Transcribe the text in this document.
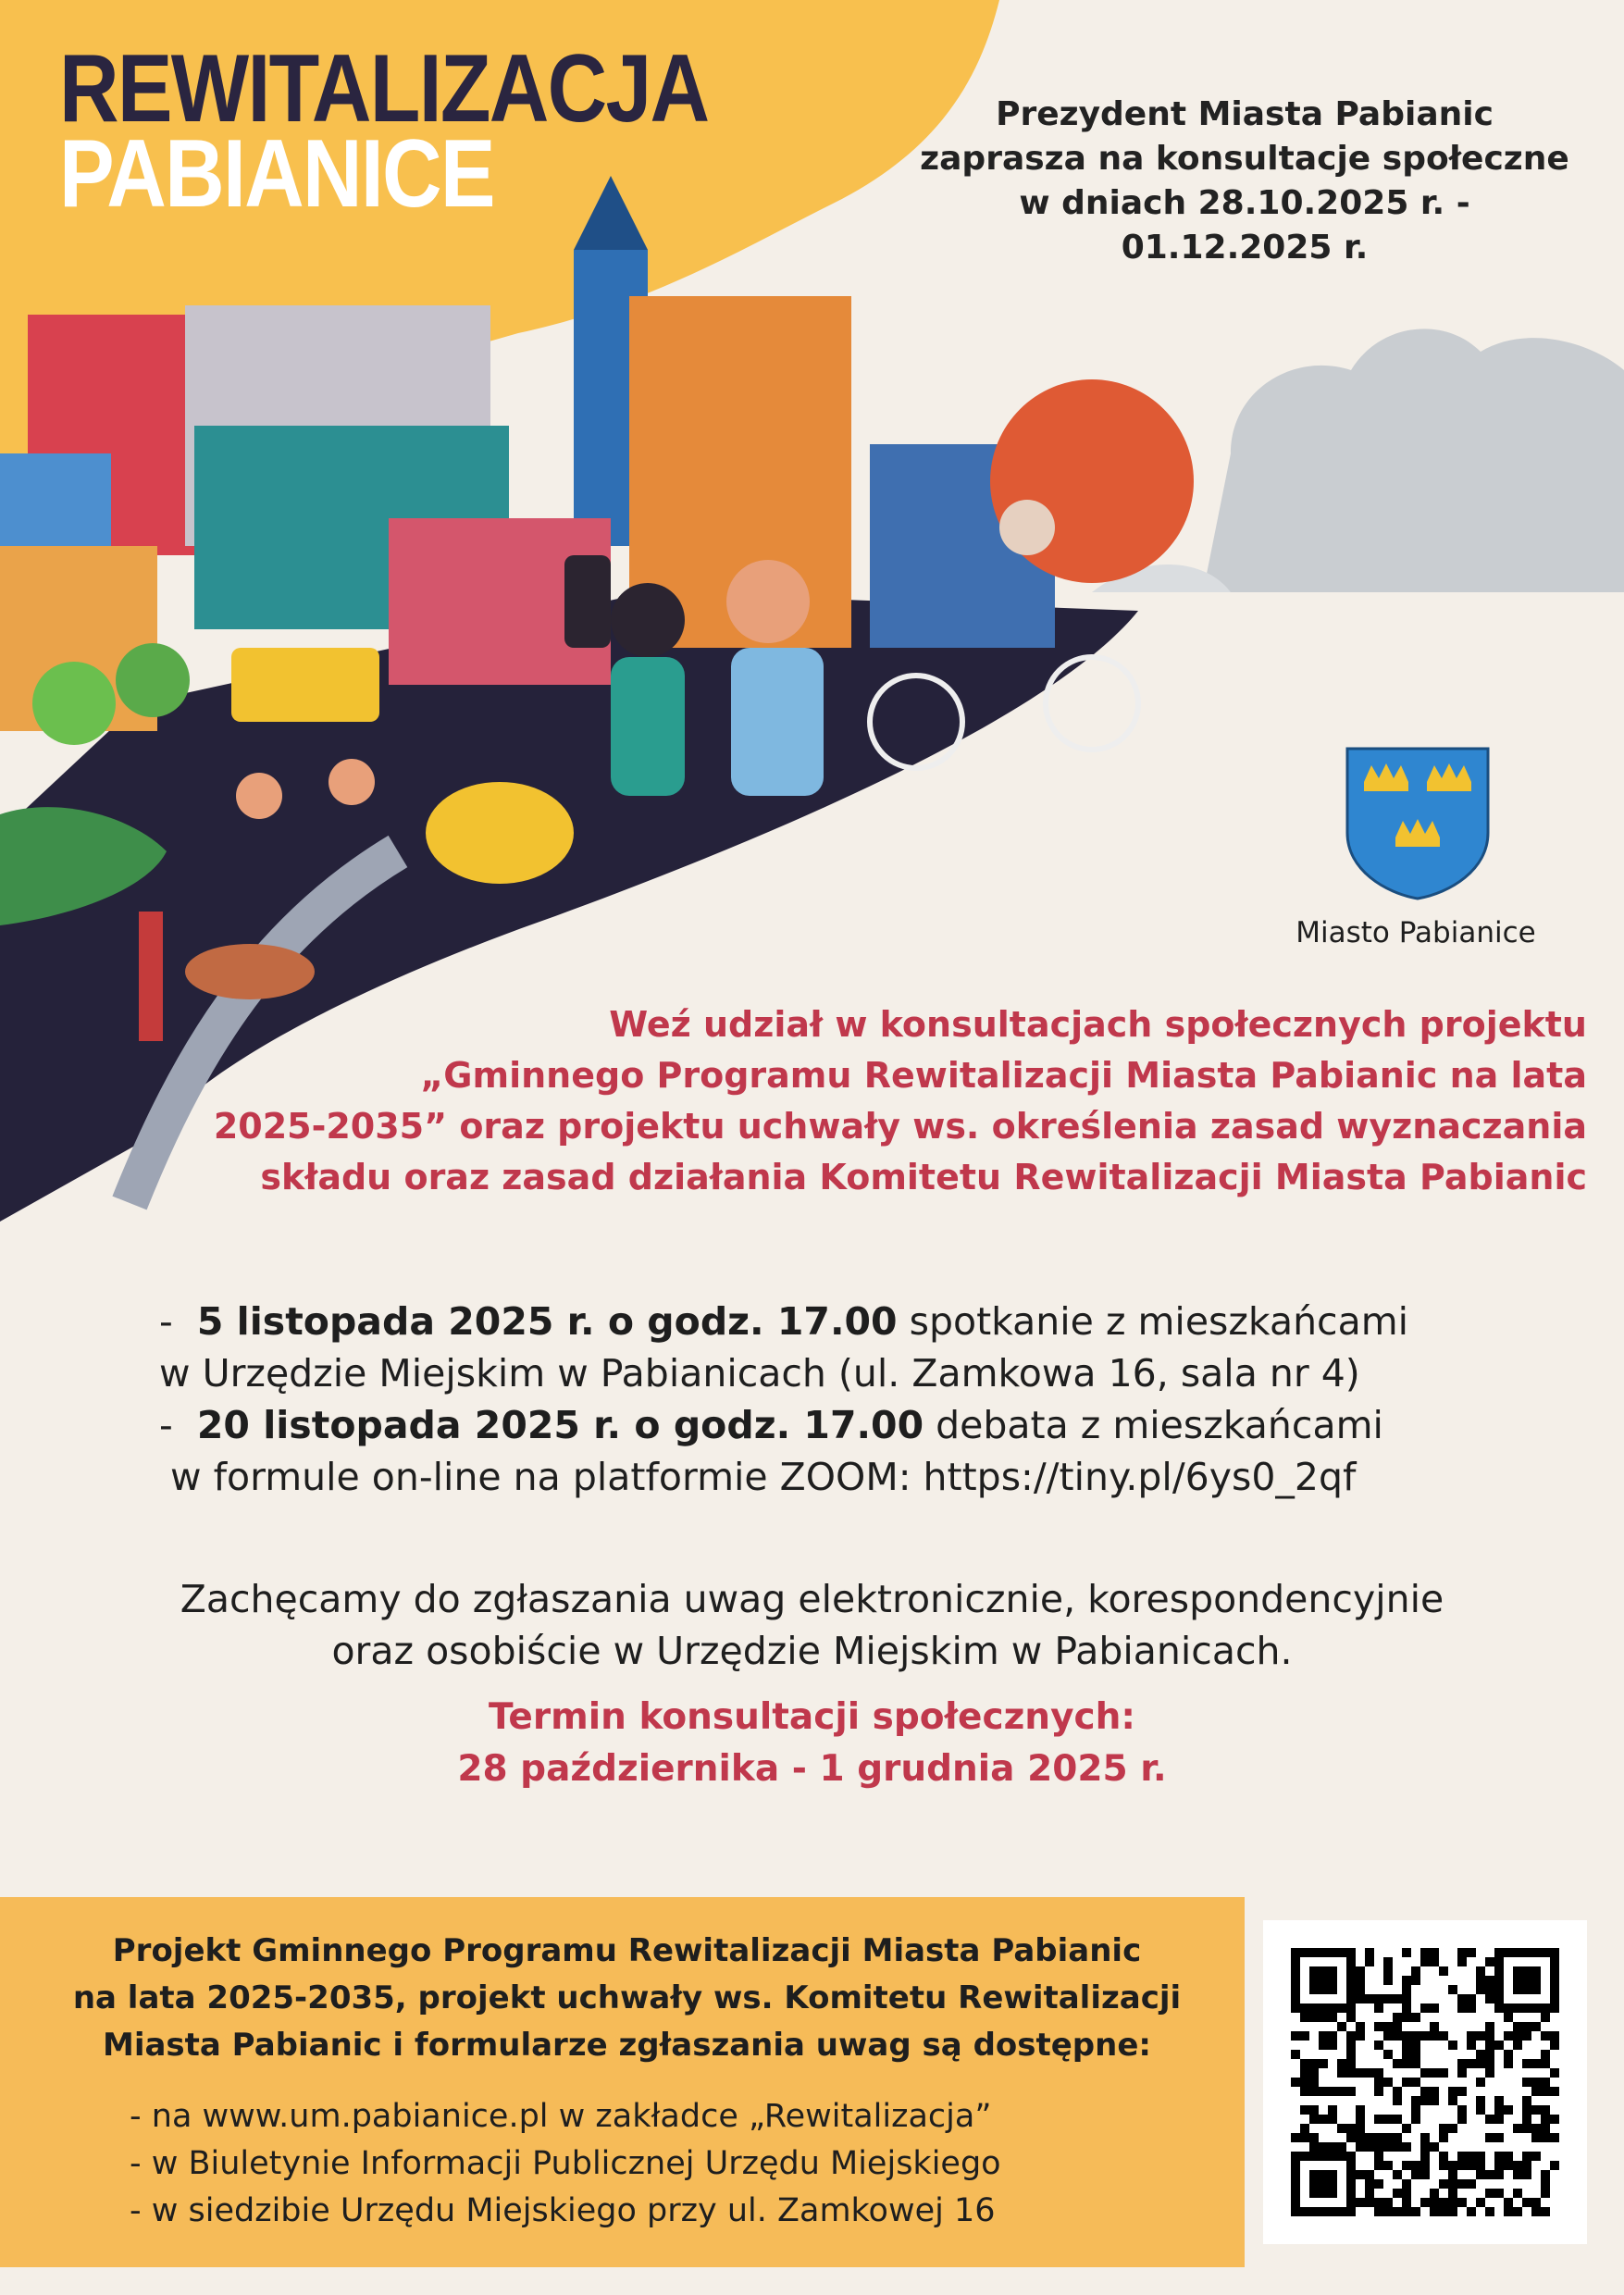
REWITALIZACJA
PABIANICE
Prezydent Miasta Pabianic
zaprasza na konsultacje społeczne
w dniach 28.10.2025 r. - 01.12.2025 r.
Miasto Pabianice
Weź udział w konsultacjach społecznych projektu
„Gminnego Programu Rewitalizacji Miasta Pabianic na lata
2025-2035” oraz projektu uchwały ws. określenia zasad wyznaczania
składu oraz zasad działania Komitetu Rewitalizacji Miasta Pabianic
- 5 listopada 2025 r. o godz. 17.00 spotkanie z mieszkańcami
w Urzędzie Miejskim w Pabianicach (ul. Zamkowa 16, sala nr 4)
- 20 listopada 2025 r. o godz. 17.00 debata z mieszkańcami
w formule on-line na platformie ZOOM: https://tiny.pl/6ys0_2qf
Zachęcamy do zgłaszania uwag elektronicznie, korespondencyjnie
oraz osobiście w Urzędzie Miejskim w Pabianicach.
Termin konsultacji społecznych:
28 października - 1 grudnia 2025 r.
Projekt Gminnego Programu Rewitalizacji Miasta Pabianic
na lata 2025-2035, projekt uchwały ws. Komitetu Rewitalizacji
Miasta Pabianic i formularze zgłaszania uwag są dostępne:
- na www.um.pabianice.pl w zakładce „Rewitalizacja”
- w Biuletynie Informacji Publicznej Urzędu Miejskiego
- w siedzibie Urzędu Miejskiego przy ul. Zamkowej 16
